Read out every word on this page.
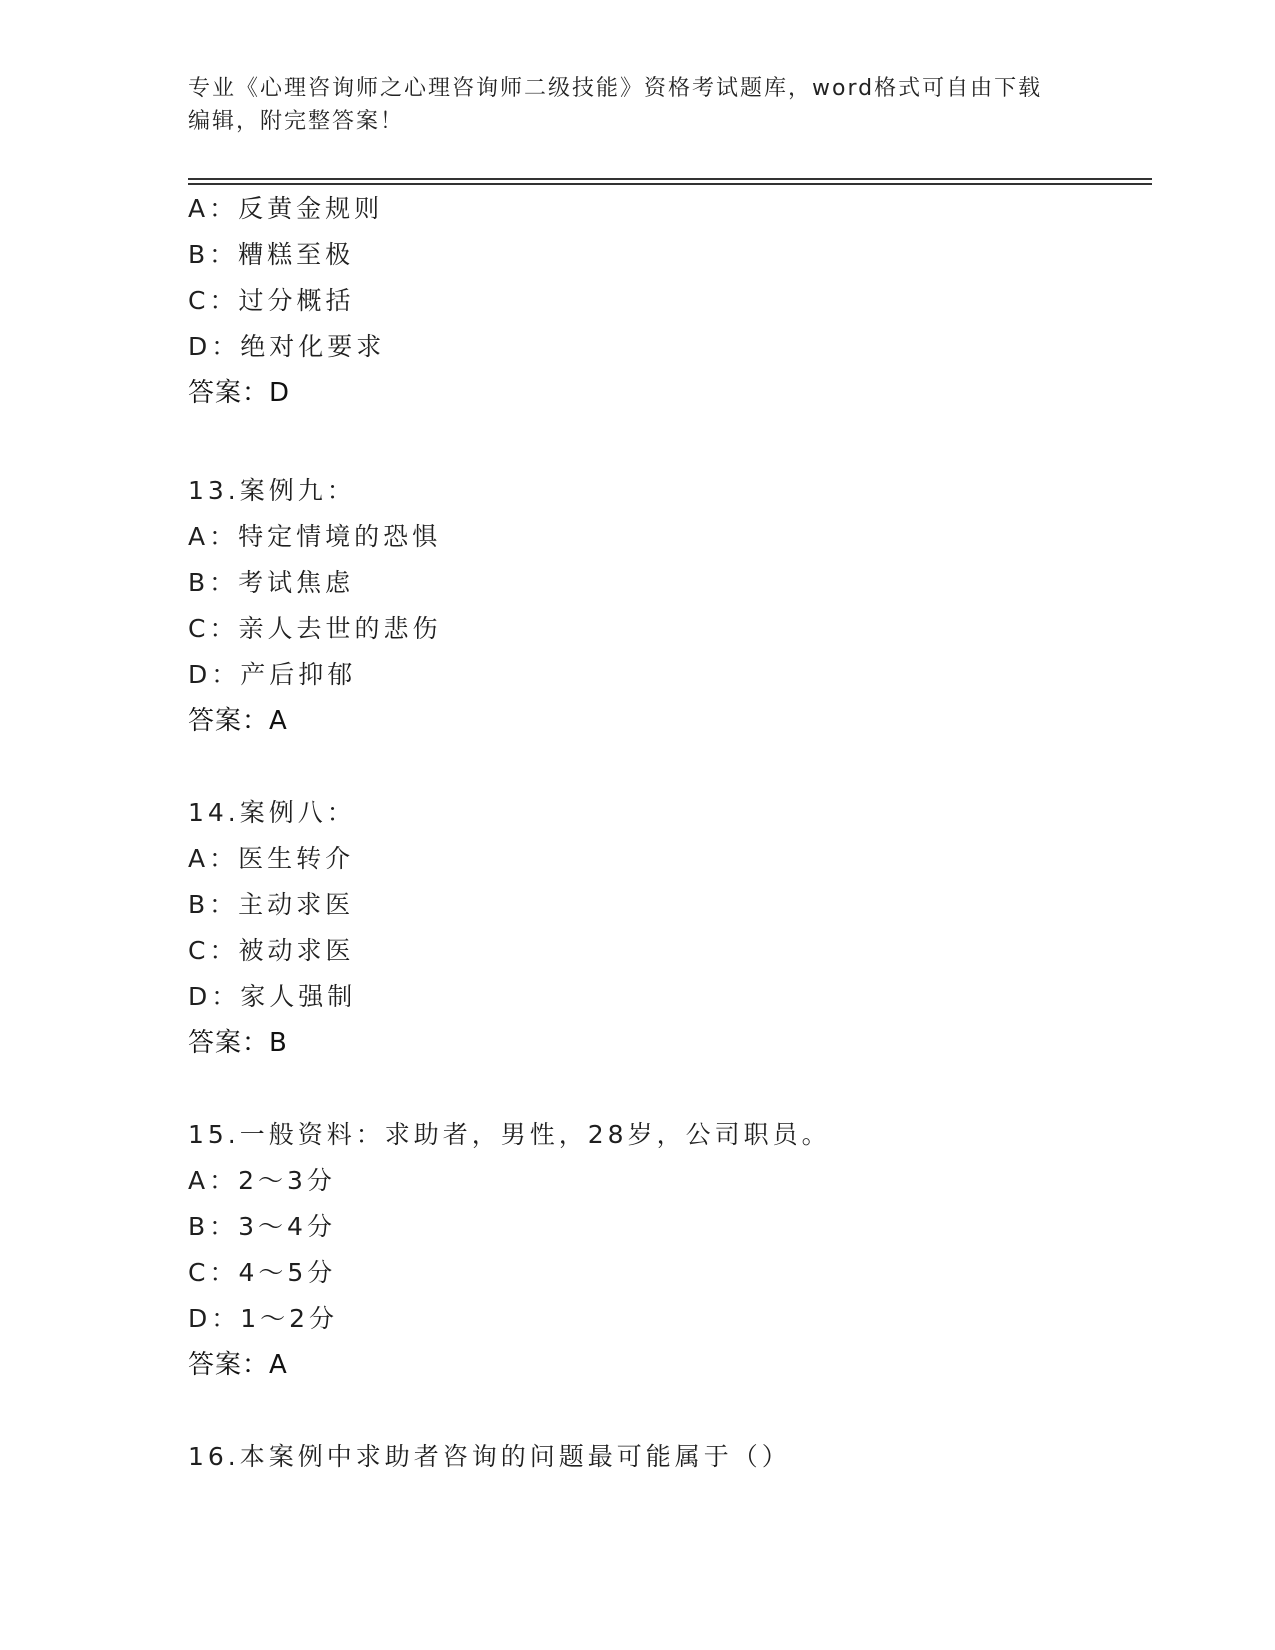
专业《心理咨询师之心理咨询师二级技能》资格考试题库，word格式可自由下载
编辑，附完整答案！
A：反黄金规则
B：糟糕至极
C：过分概括
D：绝对化要求
答案：D
13.案例九：
A：特定情境的恐惧
B：考试焦虑
C：亲人去世的悲伤
D：产后抑郁
答案：A
14.案例八：
A：医生转介
B：主动求医
C：被动求医
D：家人强制
答案：B
15.一般资料：求助者，男性，28岁，公司职员。
A：2～3分
B：3～4分
C：4～5分
D：1～2分
答案：A
16.本案例中求助者咨询的问题最可能属于（）
